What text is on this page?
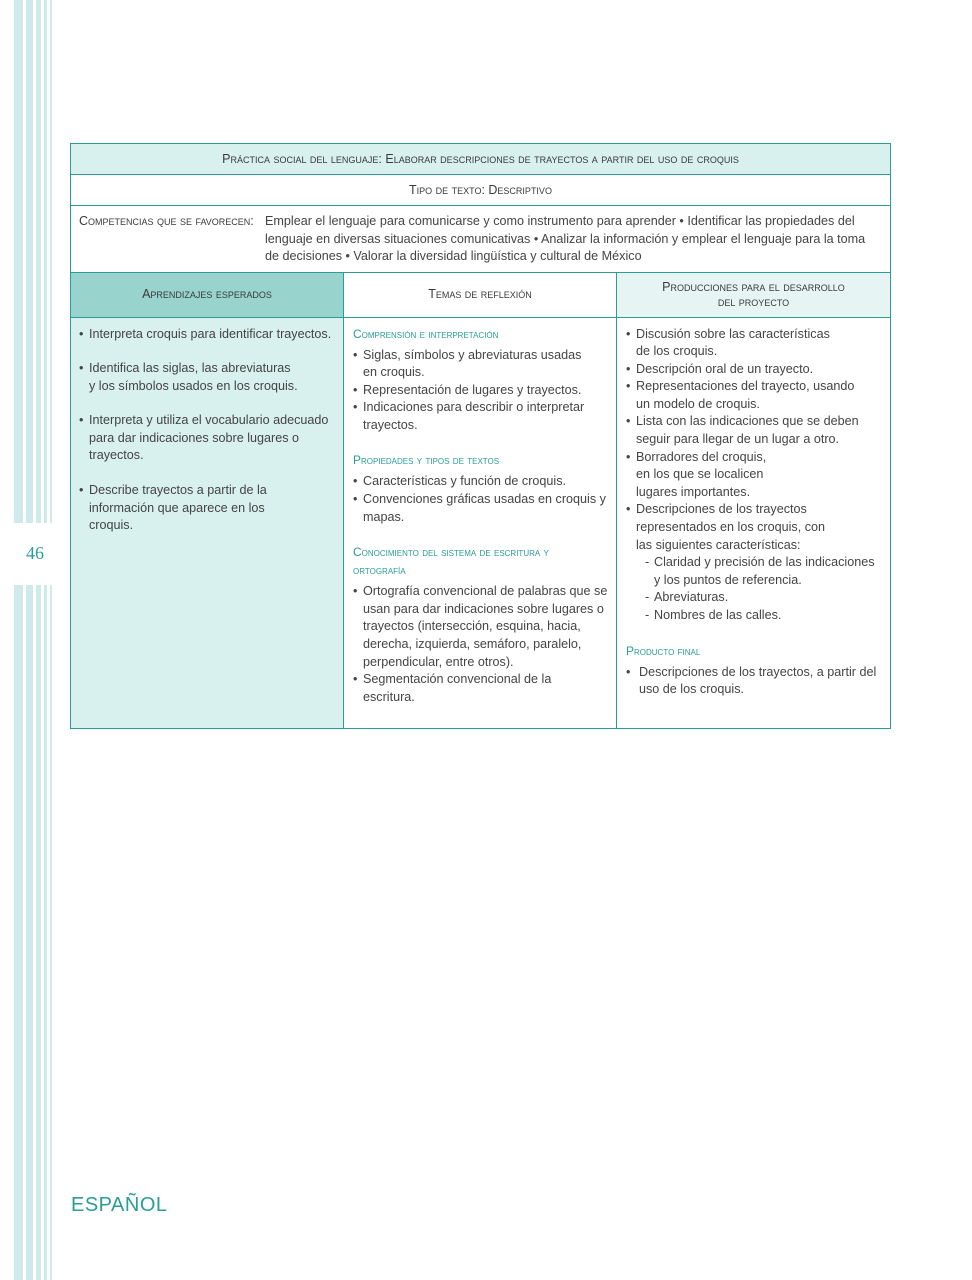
46
Práctica social del lenguaje: Elaborar descripciones de trayectos a partir del uso de croquis
Tipo de texto: Descriptivo
Competencias que se favorecen: Emplear el lenguaje para comunicarse y como instrumento para aprender • Identificar las propiedades del lenguaje en diversas situaciones comunicativas • Analizar la información y emplear el lenguaje para la toma de decisiones • Valorar la diversidad lingüística y cultural de México
Aprendizajes esperados	Temas de reflexión
Producciones para el desarrollo del proyecto
• Interpreta croquis para identificar trayectos.
• Identifica las siglas, las abreviaturas y los símbolos usados en los croquis.
• Interpreta y utiliza el vocabulario adecuado para dar indicaciones sobre lugares o trayectos.
• Describe trayectos a partir de la información que aparece en los croquis.
Comprensión e interpretación
• Siglas, símbolos y abreviaturas usadas en croquis.
• Representación de lugares y trayectos.
• Indicaciones para describir o interpretar trayectos.
Propiedades y tipos de textos
• Características y función de croquis.
• Convenciones gráficas usadas en croquis y mapas.
Conocimiento del sistema de escritura y ortografía
• Ortografía convencional de palabras que se usan para dar indicaciones sobre lugares o trayectos (intersección, esquina, hacia, derecha, izquierda, semáforo, paralelo, perpendicular, entre otros).
• Segmentación convencional de la escritura.
• Discusión sobre las características de los croquis.
• Descripción oral de un trayecto.
• Representaciones del trayecto, usando un modelo de croquis.
• Lista con las indicaciones que se deben seguir para llegar de un lugar a otro.
• Borradores del croquis, en los que se localicen lugares importantes.
• Descripciones de los trayectos representados en los croquis, con las siguientes características:
- Claridad y precisión de las indicaciones y los puntos de referencia.
- Abreviaturas.
- Nombres de las calles.
Producto final
• Descripciones de los trayectos, a partir del uso de los croquis.
ESPAÑOL
